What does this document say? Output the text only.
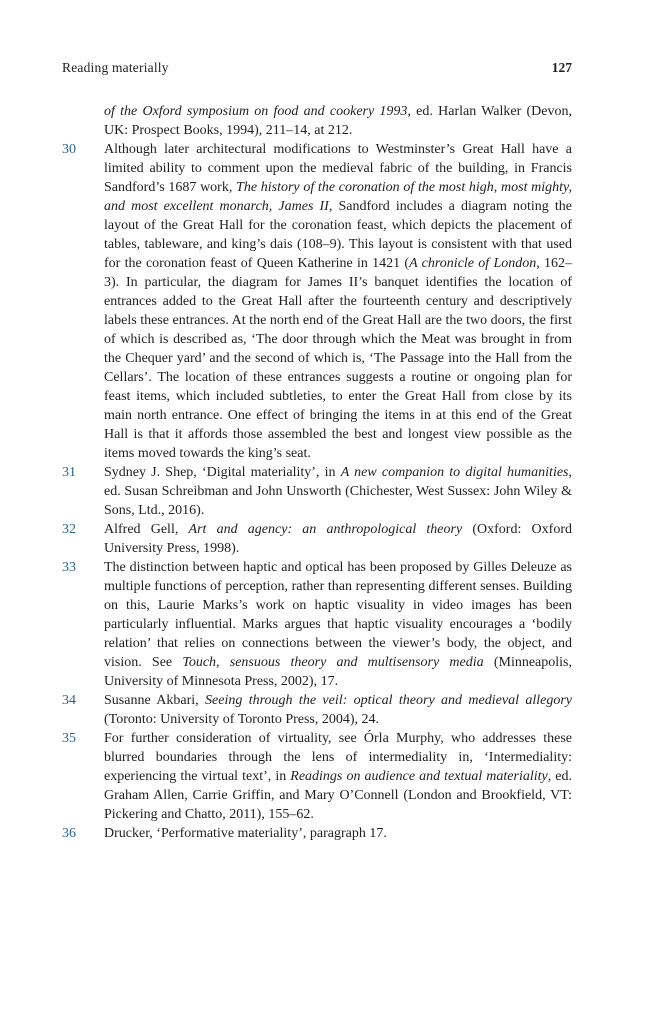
Reading materially	127
of the Oxford symposium on food and cookery 1993, ed. Harlan Walker (Devon, UK: Prospect Books, 1994), 211–14, at 212.
30	Although later architectural modifications to Westminster’s Great Hall have a limited ability to comment upon the medieval fabric of the building, in Francis Sandford’s 1687 work, The history of the coronation of the most high, most mighty, and most excellent monarch, James II, Sandford includes a diagram noting the layout of the Great Hall for the coronation feast, which depicts the placement of tables, tableware, and king’s dais (108–9). This layout is consistent with that used for the coronation feast of Queen Katherine in 1421 (A chronicle of London, 162–3). In particular, the diagram for James II’s banquet identifies the location of entrances added to the Great Hall after the fourteenth century and descriptively labels these entrances. At the north end of the Great Hall are the two doors, the first of which is described as, ‘The door through which the Meat was brought in from the Chequer yard’ and the second of which is, ‘The Passage into the Hall from the Cellars’. The location of these entrances suggests a routine or ongoing plan for feast items, which included subtleties, to enter the Great Hall from close by its main north entrance. One effect of bringing the items in at this end of the Great Hall is that it affords those assembled the best and longest view possible as the items moved towards the king’s seat.
31	Sydney J. Shep, ‘Digital materiality’, in A new companion to digital humanities, ed. Susan Schreibman and John Unsworth (Chichester, West Sussex: John Wiley & Sons, Ltd., 2016).
32	Alfred Gell, Art and agency: an anthropological theory (Oxford: Oxford University Press, 1998).
33	The distinction between haptic and optical has been proposed by Gilles Deleuze as multiple functions of perception, rather than representing different senses. Building on this, Laurie Marks’s work on haptic visuality in video images has been particularly influential. Marks argues that haptic visuality encourages a ‘bodily relation’ that relies on connections between the viewer’s body, the object, and vision. See Touch, sensuous theory and multisensory media (Minneapolis, University of Minnesota Press, 2002), 17.
34	Susanne Akbari, Seeing through the veil: optical theory and medieval allegory (Toronto: University of Toronto Press, 2004), 24.
35	For further consideration of virtuality, see Órla Murphy, who addresses these blurred boundaries through the lens of intermediality in, ‘Intermediality: experiencing the virtual text’, in Readings on audience and textual materiality, ed. Graham Allen, Carrie Griffin, and Mary O’Connell (London and Brookfield, VT: Pickering and Chatto, 2011), 155–62.
36	Drucker, ‘Performative materiality’, paragraph 17.
